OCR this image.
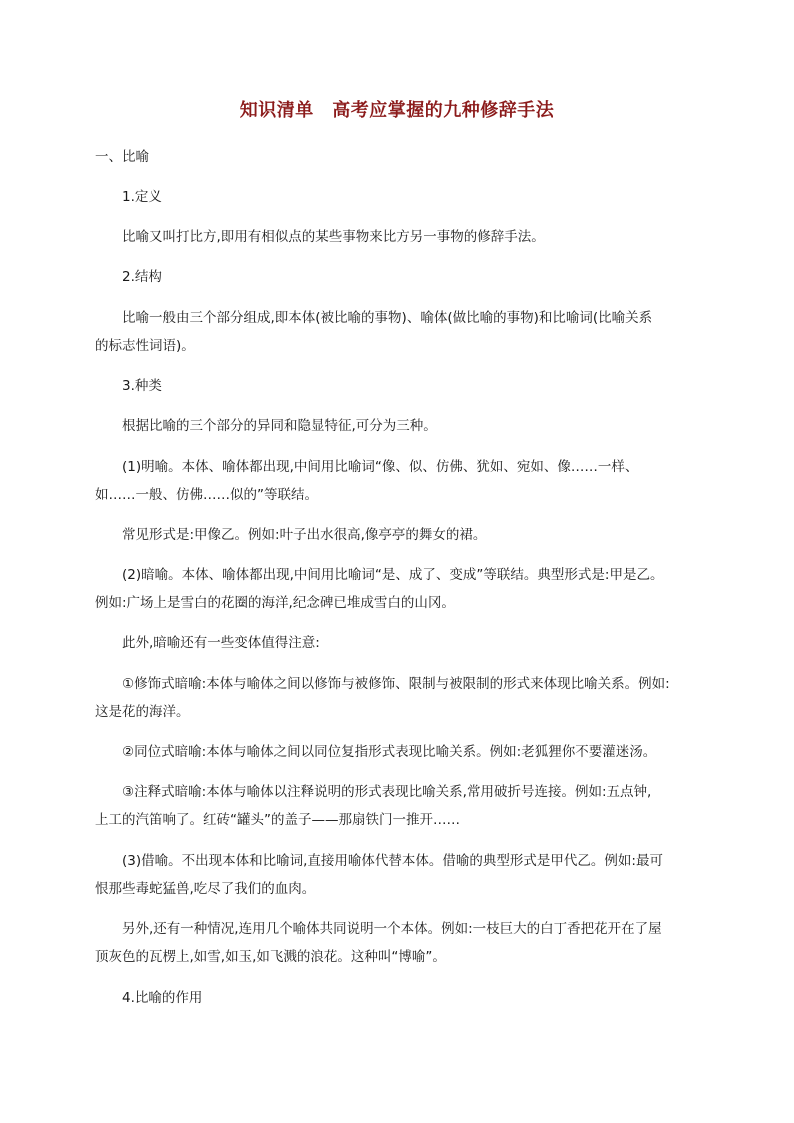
知识清单　高考应掌握的九种修辞手法
一、比喻
1.定义
比喻又叫打比方,即用有相似点的某些事物来比方另一事物的修辞手法。
2.结构
比喻一般由三个部分组成,即本体(被比喻的事物)、喻体(做比喻的事物)和比喻词(比喻关系
的标志性词语)。
3.种类
根据比喻的三个部分的异同和隐显特征,可分为三种。
(1)明喻。本体、喻体都出现,中间用比喻词“像、似、仿佛、犹如、宛如、像……一样、
如……一般、仿佛……似的”等联结。
常见形式是:甲像乙。例如:叶子出水很高,像亭亭的舞女的裙。
(2)暗喻。本体、喻体都出现,中间用比喻词“是、成了、变成”等联结。典型形式是:甲是乙。
例如:广场上是雪白的花圈的海洋,纪念碑已堆成雪白的山冈。
此外,暗喻还有一些变体值得注意:
①修饰式暗喻:本体与喻体之间以修饰与被修饰、限制与被限制的形式来体现比喻关系。例如:
这是花的海洋。
②同位式暗喻:本体与喻体之间以同位复指形式表现比喻关系。例如:老狐狸你不要灌迷汤。
③注释式暗喻:本体与喻体以注释说明的形式表现比喻关系,常用破折号连接。例如:五点钟,
上工的汽笛响了。红砖“罐头”的盖子——那扇铁门一推开……
(3)借喻。不出现本体和比喻词,直接用喻体代替本体。借喻的典型形式是甲代乙。例如:最可
恨那些毒蛇猛兽,吃尽了我们的血肉。
另外,还有一种情况,连用几个喻体共同说明一个本体。例如:一枝巨大的白丁香把花开在了屋
顶灰色的瓦楞上,如雪,如玉,如飞溅的浪花。这种叫“博喻”。
4.比喻的作用
